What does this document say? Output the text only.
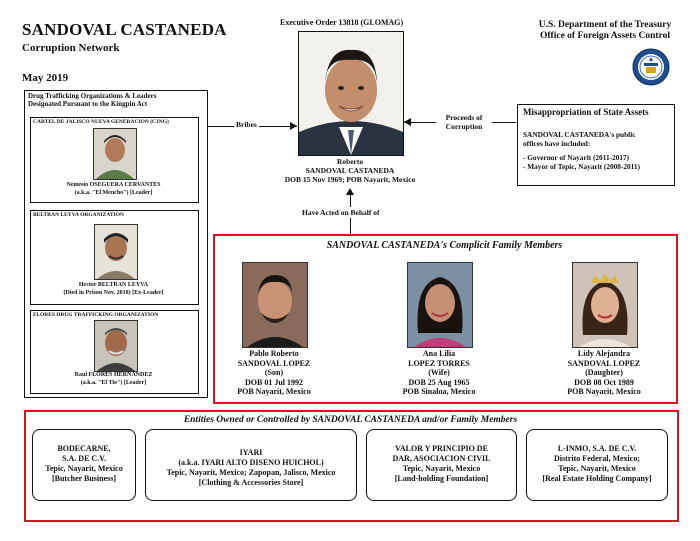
SANDOVAL CASTANEDA
Corruption Network
May 2019
Executive Order 13818 (GLOMAG)	U.S. Department of the Treasury
Office of Foreign Assets Control
Drug Trafficking Organizations & Leaders
Designated Pursuant to the Kingpin Act
CARTEL DE JALISCO NUEVA GENERACION (CJNG)
Nemesio OSEGUERA CERVANTES
(a.k.a. "El Mencho") [Leader]
BELTRAN LEYVA ORGANIZATION
Hector BELTRAN LEYVA
(Died in Prison Nov. 2018) [Ex-Leader]
FLORES DRUG TRAFFICKING ORGANIZATION
Raul FLORES HERNANDEZ
(a.k.a. "El Tio") [Leader]
Bribes
Roberto
SANDOVAL CASTANEDA
DOB 15 Nov 1969; POB Nayarit, Mexico
Have Acted on Behalf of
Proceeds of
Corruption
Misappropriation of State Assets
SANDOVAL CASTANEDA's public
offices have included:
- Governor of Nayarit (2011-2017)
- Mayor of Tepic, Nayarit (2008-2011)
SANDOVAL CASTANEDA's Complicit Family Members
Pablo Roberto
SANDOVAL LOPEZ
(Son)
DOB 01 Jul 1992
POB Nayarit, Mexico
Ana Lilia
LOPEZ TORRES
(Wife)
DOB 25 Aug 1965
POB Sinaloa, Mexico
Lidy Alejandra
SANDOVAL LOPEZ
(Daughter)
DOB 08 Oct 1989
POB Nayarit, Mexico
Entities Owned or Controlled by SANDOVAL CASTANEDA and/or Family Members
BODECARNE,
S.A. DE C.V.
Tepic, Nayarit, Mexico
[Butcher Business]
IYARI
(a.k.a. IYARI ALTO DISENO HUICHOL)
Tepic, Nayarit, Mexico; Zapopan, Jalisco, Mexico
[Clothing & Accessories Store]
VALOR Y PRINCIPIO DE
DAR, ASOCIACION CIVIL
Tepic, Nayarit, Mexico
[Land-holding Foundation]
L-INMO, S.A. DE C.V.
Distrito Federal, Mexico;
Tepic, Nayarit, Mexico
[Real Estate Holding Company]
